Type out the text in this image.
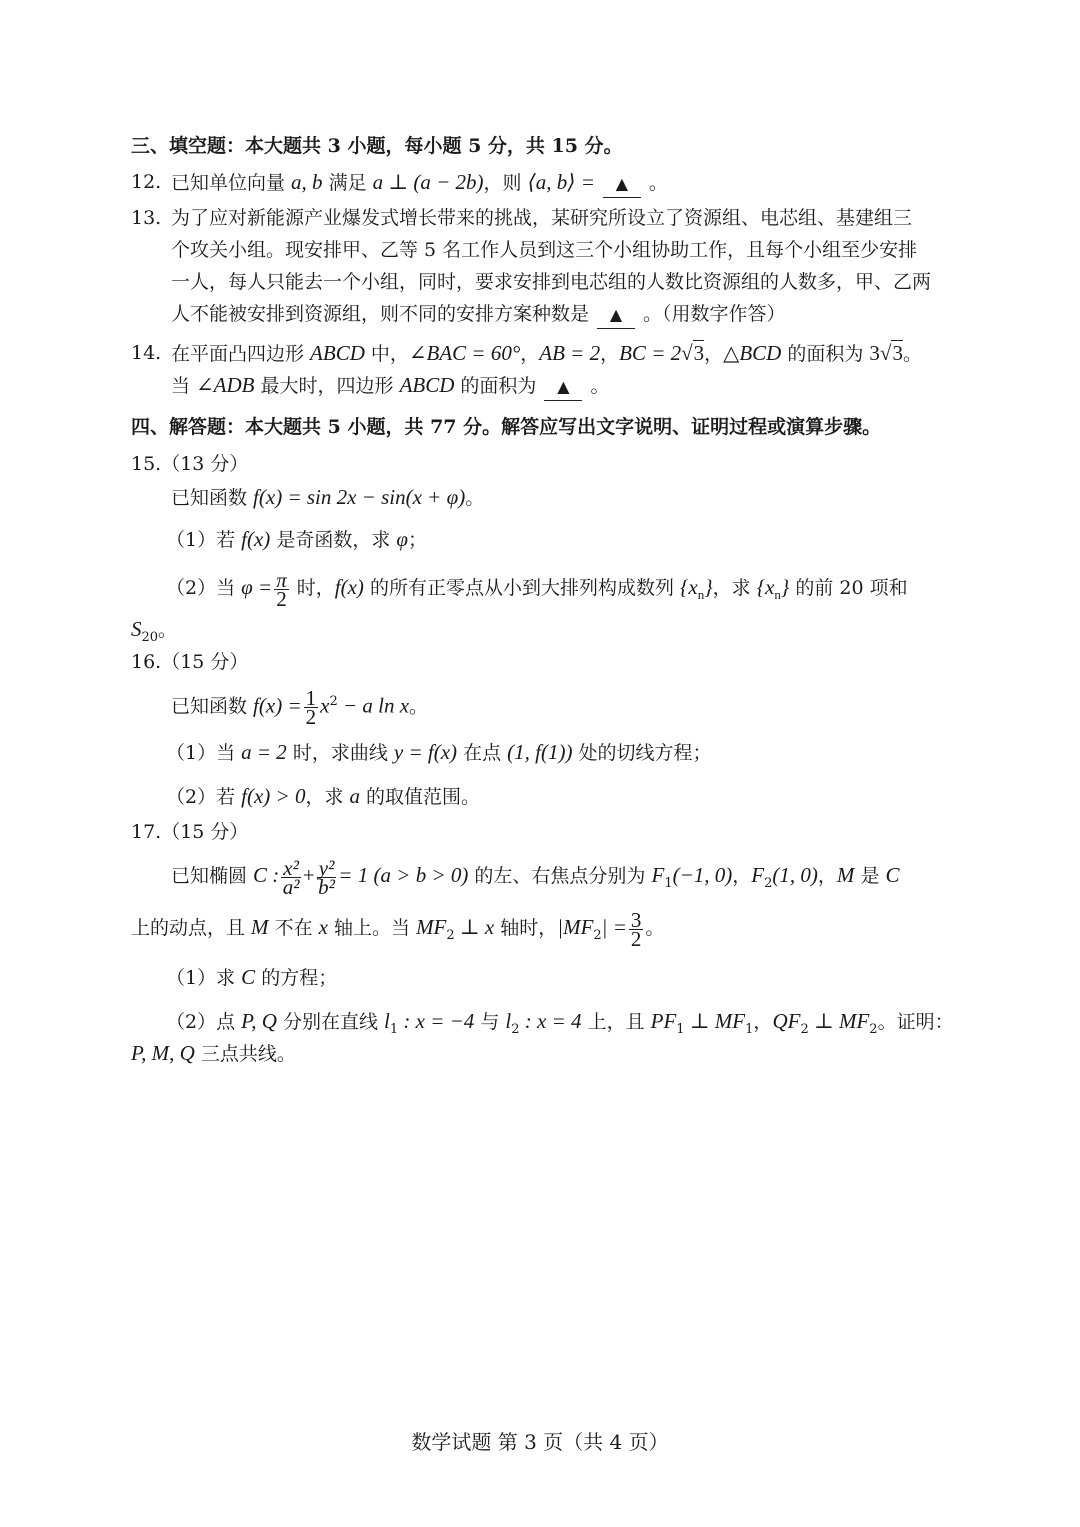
三、填空题：本大题共 3 小题，每小题 5 分，共 15 分。
12. 已知单位向量 a, b 满足 a ⊥ (a − 2b)，则 ⟨a, b⟩ = ▲ 。
13. 为了应对新能源产业爆发式增长带来的挑战，某研究所设立了资源组、电芯组、基建组三
个攻关小组。现安排甲、乙等 5 名工作人员到这三个小组协助工作，且每个小组至少安排
一人，每人只能去一个小组，同时，要求安排到电芯组的人数比资源组的人数多，甲、乙两
人不能被安排到资源组，则不同的安排方案种数是 ▲ 。（用数字作答）
14. 在平面凸四边形 ABCD 中，∠BAC = 60°，AB = 2，BC = 2√3，△BCD 的面积为 3√3。
当 ∠ADB 最大时，四边形 ABCD 的面积为 ▲ 。
四、解答题：本大题共 5 小题，共 77 分。解答应写出文字说明、证明过程或演算步骤。
15.（13 分）
已知函数 f(x) = sin 2x − sin(x + φ)。
（1）若 f(x) 是奇函数，求 φ；
（2）当 $\varphi = \frac{\pi}{2}$ 时，f(x) 的所有正零点从小到大排列构成数列 $\{x_n\}$，求 $\{x_n\}$ 的前 20 项和
$S_{20}$。
16.（15 分）
已知函数 $f(x) = \frac{1}{2} x^2 - a$ ln x。
（1）当 a = 2 时，求曲线 y = f(x) 在点 (1, f(1)) 处的切线方程；
（2）若 f(x) > 0，求 a 的取值范围。
17.（15 分）
已知椭圆 C : $\frac{\text{x²}}{\text{a²}} + \frac{\text{y²}}{\text{b²}} = 1$ (a > b > 0) 的左、右焦点分别为 $F_1(-1$, 0)，$F_2(1$, 0)，M 是 C
上的动点，且 M 不在 x 轴上。当 $MF_2$ ⊥ x 轴时，$|MF_2| = \frac{3}{2}$ 。
（1）求 C 的方程；
（2）点 P, Q 分别在直线 $l_1$ : x = −4 与 $l_2$ : x = 4 上，且 $PF_1$ ⊥ $MF_1$，$QF_2$ ⊥ $MF_2$。证明：
P, M, Q 三点共线。
数学试题 第 3 页（共 4 页）
